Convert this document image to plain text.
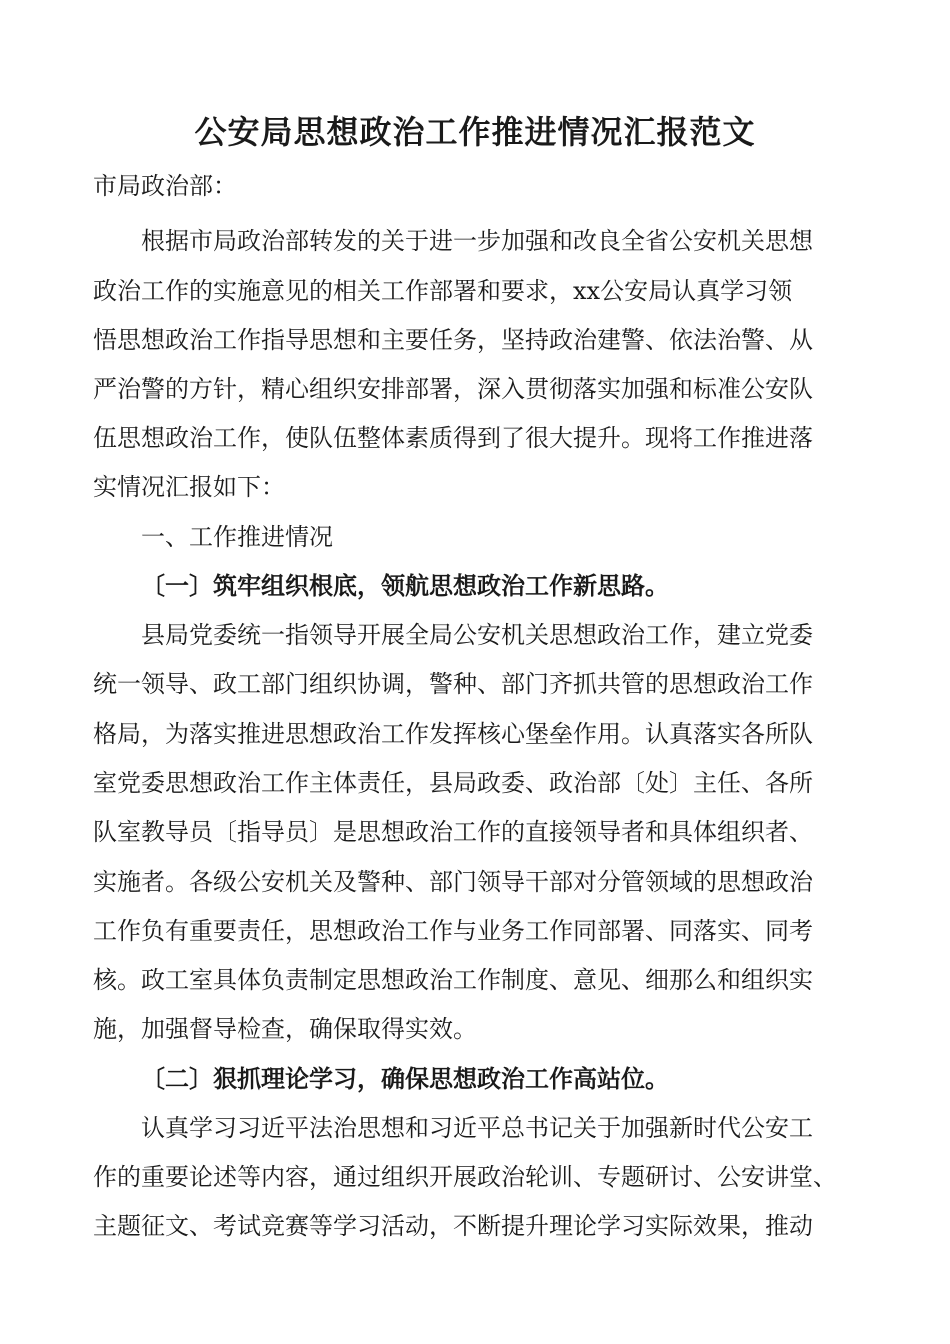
公安局思想政治工作推进情况汇报范文
市局政治部：
根据市局政治部转发的关于进一步加强和改良全省公安机关思想
政治工作的实施意见的相关工作部署和要求，xx公安局认真学习领
悟思想政治工作指导思想和主要任务，坚持政治建警、依法治警、从
严治警的方针，精心组织安排部署，深入贯彻落实加强和标准公安队
伍思想政治工作，使队伍整体素质得到了很大提升。现将工作推进落
实情况汇报如下：
一、工作推进情况
〔一〕筑牢组织根底，领航思想政治工作新思路。
县局党委统一指领导开展全局公安机关思想政治工作，建立党委
统一领导、政工部门组织协调，警种、部门齐抓共管的思想政治工作
格局，为落实推进思想政治工作发挥核心堡垒作用。认真落实各所队
室党委思想政治工作主体责任，县局政委、政治部〔处〕主任、各所
队室教导员〔指导员〕是思想政治工作的直接领导者和具体组织者、
实施者。各级公安机关及警种、部门领导干部对分管领域的思想政治
工作负有重要责任，思想政治工作与业务工作同部署、同落实、同考
核。政工室具体负责制定思想政治工作制度、意见、细那么和组织实
施，加强督导检查，确保取得实效。
〔二〕狠抓理论学习，确保思想政治工作高站位。
认真学习习近平法治思想和习近平总书记关于加强新时代公安工
作的重要论述等内容，通过组织开展政治轮训、专题研讨、公安讲堂、
主题征文、考试竞赛等学习活动，不断提升理论学习实际效果，推动
